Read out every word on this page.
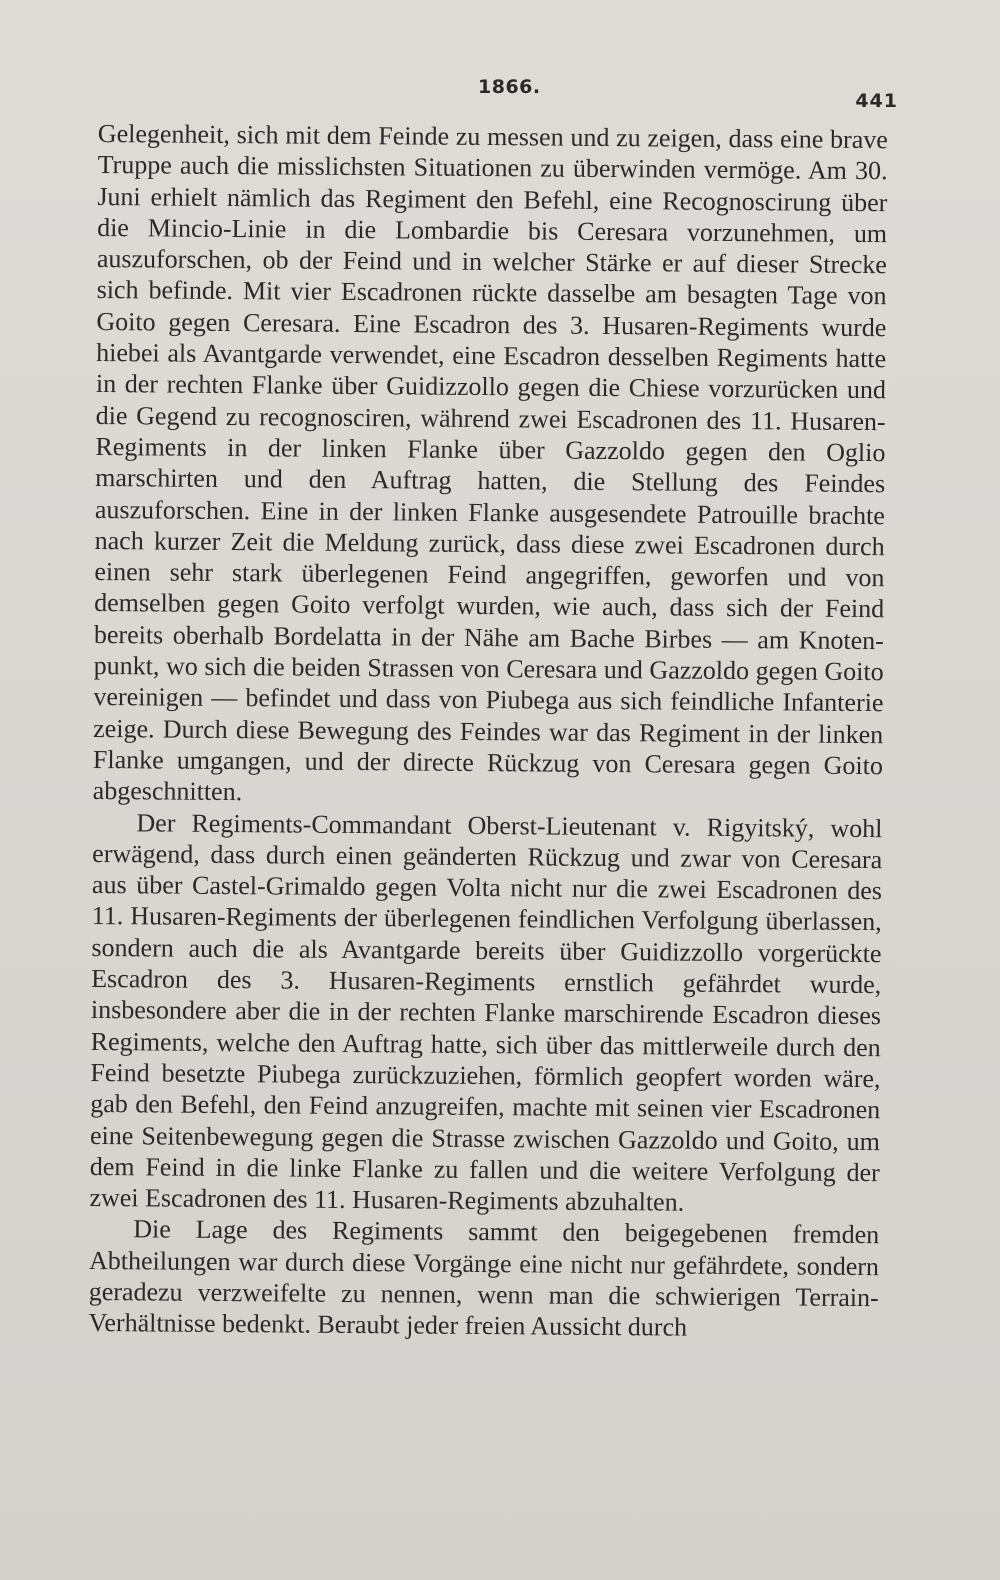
1866.
441

Gelegenheit, sich mit dem Feinde zu messen und zu zeigen, dass eine brave Truppe auch die misslichsten Situationen zu überwinden vermöge. Am 30. Juni erhielt nämlich das Regiment den Befehl, eine Recognoscirung über die Mincio-Linie in die Lombardie bis Ceresara vorzunehmen, um auszuforschen, ob der Feind und in welcher Stärke er auf dieser Strecke sich befinde. Mit vier Escadronen rückte dasselbe am besagten Tage von Goito gegen Ceresara. Eine Escadron des 3. Husaren-Regiments wurde hiebei als Avantgarde verwendet, eine Escadron desselben Regiments hatte in der rechten Flanke über Guidizzollo gegen die Chiese vorzurücken und die Gegend zu recognosciren, während zwei Escadronen des 11. Husaren-Regiments in der linken Flanke über Gazzoldo gegen den Oglio marschirten und den Auftrag hatten, die Stellung des Feindes auszuforschen. Eine in der linken Flanke ausgesendete Patrouille brachte nach kurzer Zeit die Meldung zurück, dass diese zwei Escadronen durch einen sehr stark überlegenen Feind angegriffen, geworfen und von demselben gegen Goito verfolgt wurden, wie auch, dass sich der Feind bereits oberhalb Bordelatta in der Nähe am Bache Birbes — am Knotenpunkt, wo sich die beiden Strassen von Ceresara und Gazzoldo gegen Goito vereinigen — befindet und dass von Piubega aus sich feindliche Infanterie zeige. Durch diese Bewegung des Feindes war das Regiment in der linken Flanke umgangen, und der directe Rückzug von Ceresara gegen Goito abgeschnitten.

Der Regiments-Commandant Oberst-Lieutenant v. Rigyitský, wohl erwägend, dass durch einen geänderten Rückzug und zwar von Ceresara aus über Castel-Grimaldo gegen Volta nicht nur die zwei Escadronen des 11. Husaren-Regiments der überlegenen feindlichen Verfolgung überlassen, sondern auch die als Avantgarde bereits über Guidizzollo vorgerückte Escadron des 3. Husaren-Regiments ernstlich gefährdet wurde, insbesondere aber die in der rechten Flanke marschirende Escadron dieses Regiments, welche den Auftrag hatte, sich über das mittlerweile durch den Feind besetzte Piubega zurückzuziehen, förmlich geopfert worden wäre, gab den Befehl, den Feind anzugreifen, machte mit seinen vier Escadronen eine Seitenbewegung gegen die Strasse zwischen Gazzoldo und Goito, um dem Feind in die linke Flanke zu fallen und die weitere Verfolgung der zwei Escadronen des 11. Husaren-Regiments abzuhalten.

Die Lage des Regiments sammt den beigegebenen fremden Abtheilungen war durch diese Vorgänge eine nicht nur gefährdete, sondern geradezu verzweifelte zu nennen, wenn man die schwierigen Terrain-Verhältnisse bedenkt. Beraubt jeder freien Aussicht durch
